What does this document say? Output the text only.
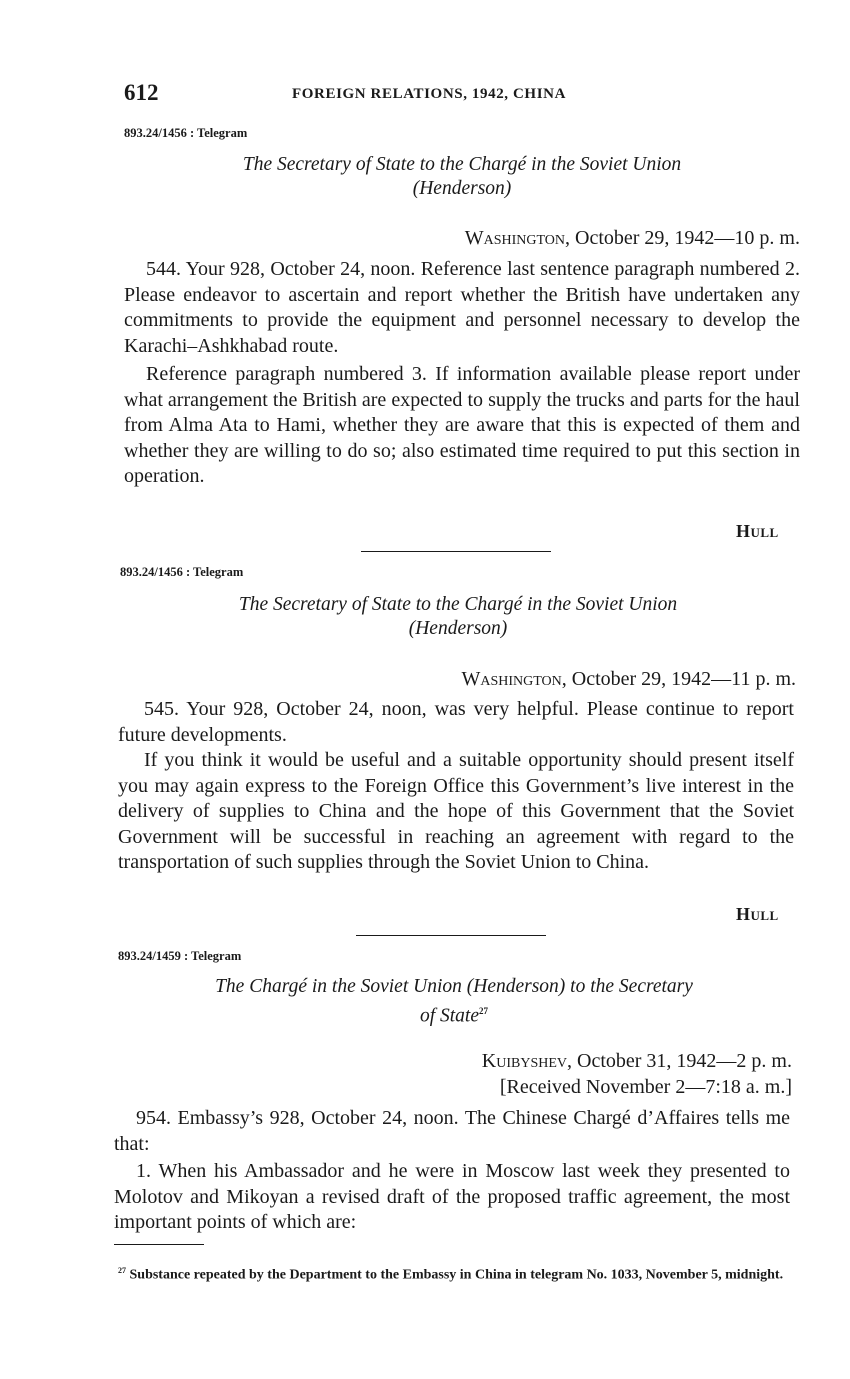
612	FOREIGN RELATIONS, 1942, CHINA
893.24/1456 : Telegram
The Secretary of State to the Chargé in the Soviet Union
(Henderson)
Washington, October 29, 1942—10 p. m.
544. Your 928, October 24, noon. Reference last sentence paragraph numbered 2. Please endeavor to ascertain and report whether the British have undertaken any commitments to provide the equipment and personnel necessary to develop the Karachi–Ashkhabad route.
Reference paragraph numbered 3. If information available please report under what arrangement the British are expected to supply the trucks and parts for the haul from Alma Ata to Hami, whether they are aware that this is expected of them and whether they are willing to do so; also estimated time required to put this section in operation.
Hull
893.24/1456 : Telegram
The Secretary of State to the Chargé in the Soviet Union
(Henderson)
Washington, October 29, 1942—11 p. m.
545. Your 928, October 24, noon, was very helpful. Please continue to report future developments.
If you think it would be useful and a suitable opportunity should present itself you may again express to the Foreign Office this Government’s live interest in the delivery of supplies to China and the hope of this Government that the Soviet Government will be successful in reaching an agreement with regard to the transportation of such supplies through the Soviet Union to China.
Hull
893.24/1459 : Telegram
The Chargé in the Soviet Union (Henderson) to the Secretary
of State$^{27}$
Kuibyshev, October 31, 1942—2 p. m.
[Received November 2—7:18 a. m.]
954. Embassy’s 928, October 24, noon. The Chinese Chargé d’Affaires tells me that:
1. When his Ambassador and he were in Moscow last week they presented to Molotov and Mikoyan a revised draft of the proposed traffic agreement, the most important points of which are:
$^{27}$ Substance repeated by the Department to the Embassy in China in telegram No. 1033, November 5, midnight.
